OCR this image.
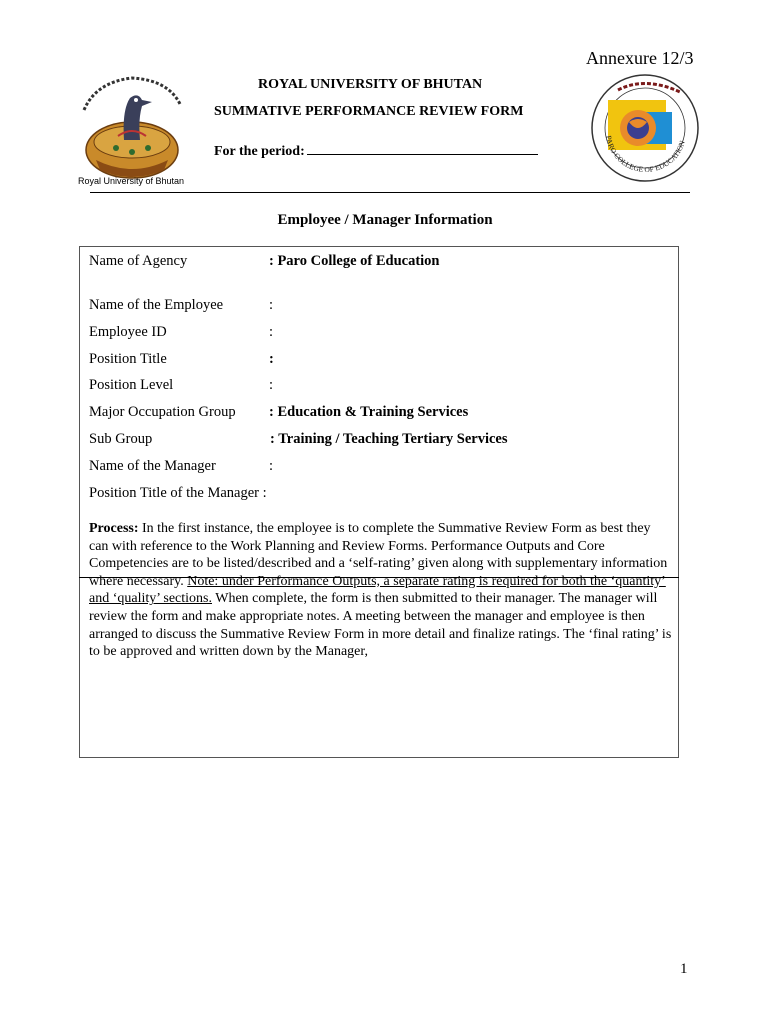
Annexure 12/3
Royal University of Bhutan
ROYAL UNIVERSITY OF BHUTAN
SUMMATIVE PERFORMANCE REVIEW FORM
For the period:
PARO COLLEGE OF EDUCATION
Employee / Manager Information
Name of Agency	: Paro College of Education
Name of the Employee	:
Employee ID	:
Position Title	:
Position Level	:
Major Occupation Group : Education & Training Services
Sub Group	: Training / Teaching Tertiary Services
Name of the Manager	:
Position Title of the Manager :
Process: In the first instance, the employee is to complete the Summative Review Form as best they can with reference to the Work Planning and Review Forms. Performance Outputs and Core Competencies are to be listed/described and a ‘self-rating’ given along with supplementary information where necessary. Note: under Performance Outputs, a separate rating is required for both the ‘quantity’ and ‘quality’ sections. When complete, the form is then submitted to their manager. The manager will review the form and make appropriate notes. A meeting between the manager and employee is then arranged to discuss the Summative Review Form in more detail and finalize ratings. The ‘final rating’ is to be approved and written down by the Manager,
1
